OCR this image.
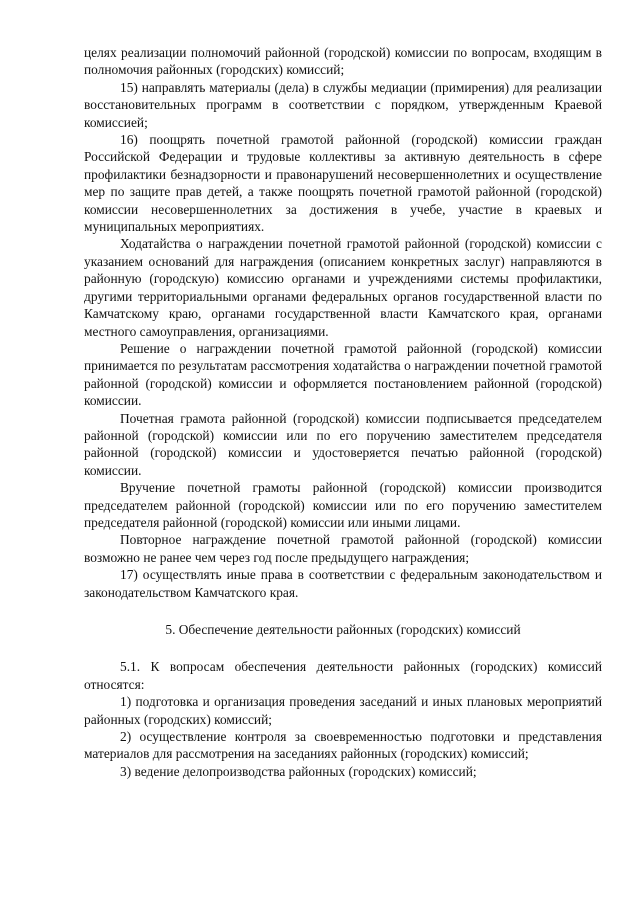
целях реализации полномочий районной (городской) комиссии по вопросам, входящим в полномочия районных (городских) комиссий;

15) направлять материалы (дела) в службы медиации (примирения) для реализации восстановительных программ в соответствии с порядком, утвержденным Краевой комиссией;

16) поощрять почетной грамотой районной (городской) комиссии граждан Российской Федерации и трудовые коллективы за активную деятельность в сфере профилактики безнадзорности и правонарушений несовершеннолетних и осуществление мер по защите прав детей, а также поощрять почетной грамотой районной (городской) комиссии несовершеннолетних за достижения в учебе, участие в краевых и муниципальных мероприятиях.

Ходатайства о награждении почетной грамотой районной (городской) комиссии с указанием оснований для награждения (описанием конкретных заслуг) направляются в районную (городскую) комиссию органами и учреждениями системы профилактики, другими территориальными органами федеральных органов государственной власти по Камчатскому краю, органами государственной власти Камчатского края, органами местного самоуправления, организациями.

Решение о награждении почетной грамотой районной (городской) комиссии принимается по результатам рассмотрения ходатайства о награждении почетной грамотой районной (городской) комиссии и оформляется постановлением районной (городской) комиссии.

Почетная грамота районной (городской) комиссии подписывается председателем районной (городской) комиссии или по его поручению заместителем председателя районной (городской) комиссии и удостоверяется печатью районной (городской) комиссии.

Вручение почетной грамоты районной (городской) комиссии производится председателем районной (городской) комиссии или по его поручению заместителем председателя районной (городской) комиссии или иными лицами.

Повторное награждение почетной грамотой районной (городской) комиссии возможно не ранее чем через год после предыдущего награждения;

17) осуществлять иные права в соответствии с федеральным законодательством и законодательством Камчатского края.

5. Обеспечение деятельности районных (городских) комиссий

5.1. К вопросам обеспечения деятельности районных (городских) комиссий относятся:

1) подготовка и организация проведения заседаний и иных плановых мероприятий районных (городских) комиссий;

2) осуществление контроля за своевременностью подготовки и представления материалов для рассмотрения на заседаниях районных (городских) комиссий;

3) ведение делопроизводства районных (городских) комиссий;
